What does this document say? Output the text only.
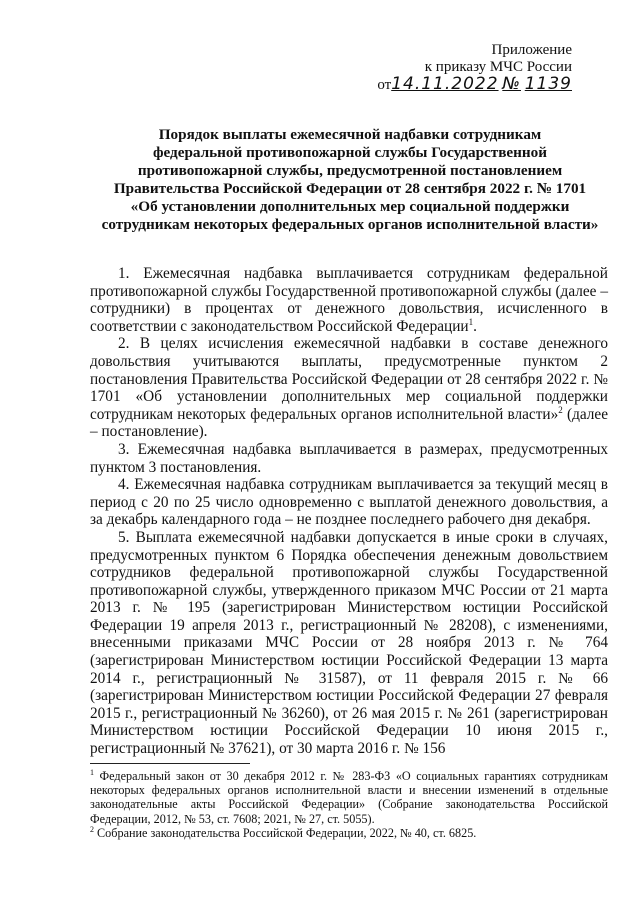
Приложение
к приказу МЧС России
от14.11.2022 № 1139
Порядок выплаты ежемесячной надбавки сотрудникам
федеральной противопожарной службы Государственной
противопожарной службы, предусмотренной постановлением
Правительства Российской Федерации от 28 сентября 2022 г. № 1701
«Об установлении дополнительных мер социальной поддержки
сотрудникам некоторых федеральных органов исполнительной власти»

1. Ежемесячная надбавка выплачивается сотрудникам федеральной противопожарной службы Государственной противопожарной службы (далее – сотрудники) в процентах от денежного довольствия, исчисленного в соответствии с законодательством Российской Федерации$^1$.

2. В целях исчисления ежемесячной надбавки в составе денежного довольствия учитываются выплаты, предусмотренные пунктом 2 постановления Правительства Российской Федерации от 28 сентября 2022 г. № 1701 «Об установлении дополнительных мер социальной поддержки сотрудникам некоторых федеральных органов исполнительной власти»$^2$ (далее – постановление).

3. Ежемесячная надбавка выплачивается в размерах, предусмотренных пунктом 3 постановления.

4. Ежемесячная надбавка сотрудникам выплачивается за текущий месяц в период с 20 по 25 число одновременно с выплатой денежного довольствия, а за декабрь календарного года – не позднее последнего рабочего дня декабря.

5. Выплата ежемесячной надбавки допускается в иные сроки в случаях, предусмотренных пунктом 6 Порядка обеспечения денежным довольствием сотрудников федеральной противопожарной службы Государственной противопожарной службы, утвержденного приказом МЧС России от 21 марта 2013 г. № 195 (зарегистрирован Министерством юстиции Российской Федерации 19 апреля 2013 г., регистрационный № 28208), с изменениями, внесенными приказами МЧС России от 28 ноября 2013 г. № 764 (зарегистрирован Министерством юстиции Российской Федерации 13 марта 2014 г., регистрационный № 31587), от 11 февраля 2015 г. № 66 (зарегистрирован Министерством юстиции Российской Федерации 27 февраля 2015 г., регистрационный № 36260), от 26 мая 2015 г. № 261 (зарегистрирован Министерством юстиции Российской Федерации 10 июня 2015 г., регистрационный № 37621), от 30 марта 2016 г. № 156

$^1$ Федеральный закон от 30 декабря 2012 г. № 283-ФЗ «О социальных гарантиях сотрудникам некоторых федеральных органов исполнительной власти и внесении изменений в отдельные законодательные акты Российской Федерации» (Собрание законодательства Российской Федерации, 2012, № 53, ст. 7608; 2021, № 27, ст. 5055).

$^2$ Собрание законодательства Российской Федерации, 2022, № 40, ст. 6825.
